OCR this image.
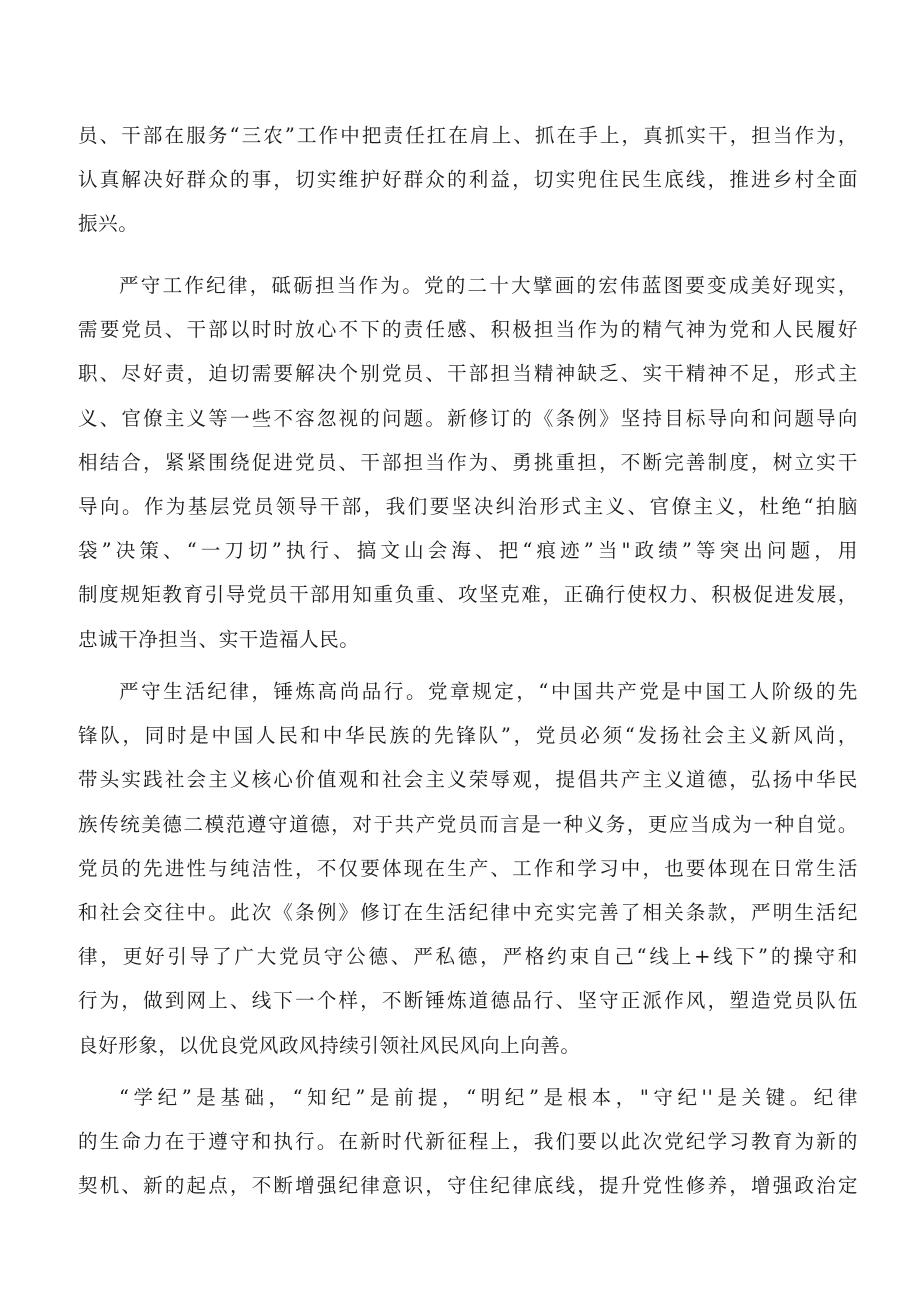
员、干部在服务“三农”工作中把责任扛在肩上、抓在手上，真抓实干，担当作为，
认真解决好群众的事，切实维护好群众的利益，切实兜住民生底线，推进乡村全面
振兴。
严守工作纪律，砥砺担当作为。党的二十大擘画的宏伟蓝图要变成美好现实，
需要党员、干部以时时放心不下的责任感、积极担当作为的精气神为党和人民履好
职、尽好责，迫切需要解决个别党员、干部担当精神缺乏、实干精神不足，形式主
义、官僚主义等一些不容忽视的问题。新修订的《条例》坚持目标导向和问题导向
相结合，紧紧围绕促进党员、干部担当作为、勇挑重担，不断完善制度，树立实干
导向。作为基层党员领导干部，我们要坚决纠治形式主义、官僚主义，杜绝“拍脑
袋”决策、“一刀切”执行、搞文山会海、把“痕迹”当"政绩”等突出问题，用
制度规矩教育引导党员干部用知重负重、攻坚克难，正确行使权力、积极促进发展，
忠诚干净担当、实干造福人民。
严守生活纪律，锤炼高尚品行。党章规定，“中国共产党是中国工人阶级的先
锋队，同时是中国人民和中华民族的先锋队”，党员必须“发扬社会主义新风尚，
带头实践社会主义核心价值观和社会主义荣辱观，提倡共产主义道德，弘扬中华民
族传统美德二模范遵守道德，对于共产党员而言是一种义务，更应当成为一种自觉。
党员的先进性与纯洁性，不仅要体现在生产、工作和学习中，也要体现在日常生活
和社会交往中。此次《条例》修订在生活纪律中充实完善了相关条款，严明生活纪
律，更好引导了广大党员守公德、严私德，严格约束自己“线上+线下”的操守和
行为，做到网上、线下一个样，不断锤炼道德品行、坚守正派作风，塑造党员队伍
良好形象，以优良党风政风持续引领社风民风向上向善。
“学纪”是基础，“知纪”是前提，“明纪”是根本，"守纪''是关键。纪律
的生命力在于遵守和执行。在新时代新征程上，我们要以此次党纪学习教育为新的
契机、新的起点，不断增强纪律意识，守住纪律底线，提升党性修养，增强政治定
